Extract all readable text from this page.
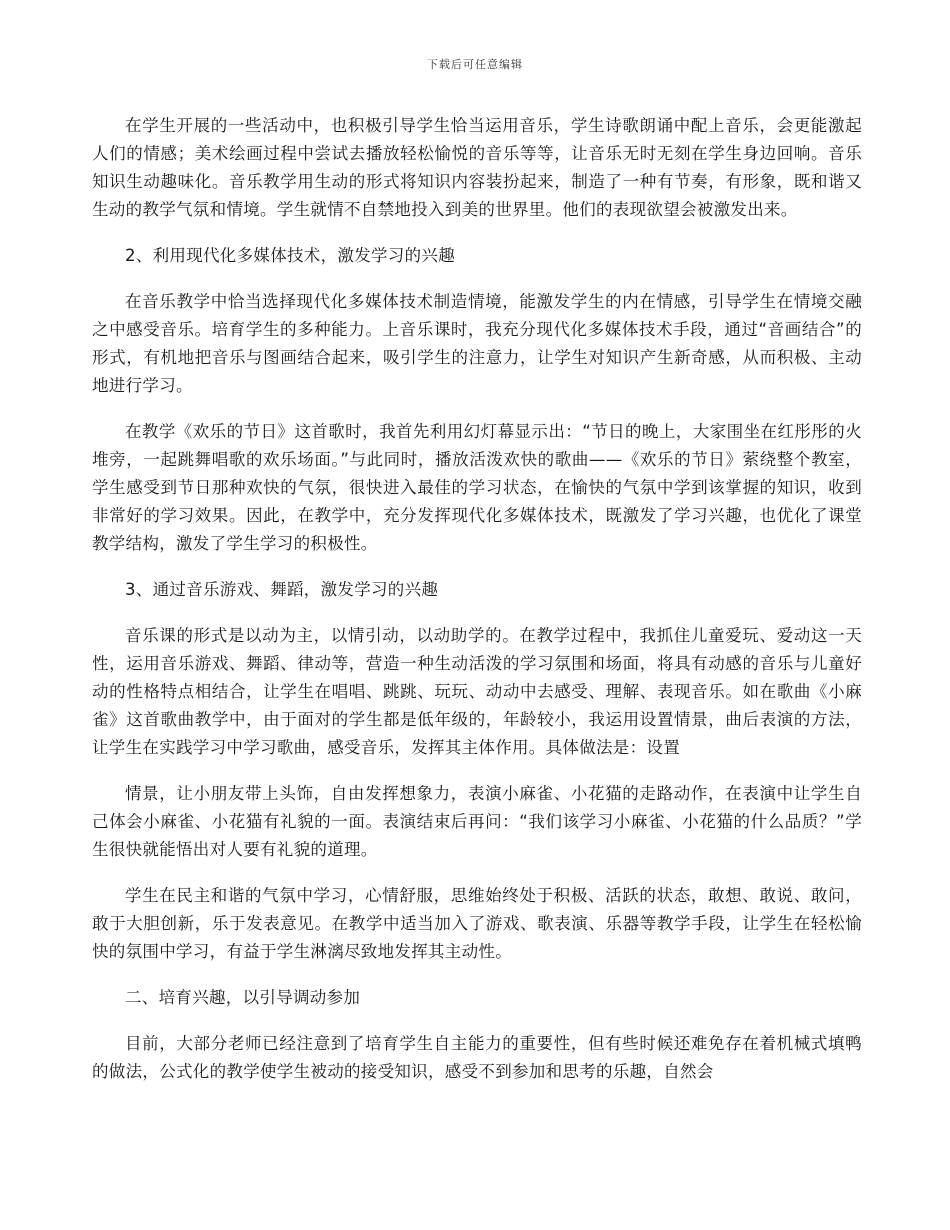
下载后可任意编辑

在学生开展的一些活动中，也积极引导学生恰当运用音乐，学生诗歌朗诵中配上音乐，会更能激起人们的情感；美术绘画过程中尝试去播放轻松愉悦的音乐等等，让音乐无时无刻在学生身边回响。音乐知识生动趣味化。音乐教学用生动的形式将知识内容装扮起来，制造了一种有节奏，有形象，既和谐又生动的教学气氛和情境。学生就情不自禁地投入到美的世界里。他们的表现欲望会被激发出来。

2、利用现代化多媒体技术，激发学习的兴趣

在音乐教学中恰当选择现代化多媒体技术制造情境，能激发学生的内在情感，引导学生在情境交融之中感受音乐。培育学生的多种能力。上音乐课时，我充分现代化多媒体技术手段，通过“音画结合”的形式，有机地把音乐与图画结合起来，吸引学生的注意力，让学生对知识产生新奇感，从而积极、主动地进行学习。

在教学《欢乐的节日》这首歌时，我首先利用幻灯幕显示出：“节日的晚上，大家围坐在红彤彤的火堆旁，一起跳舞唱歌的欢乐场面。”与此同时，播放活泼欢快的歌曲——《欢乐的节日》萦绕整个教室，学生感受到节日那种欢快的气氛，很快进入最佳的学习状态，在愉快的气氛中学到该掌握的知识，收到非常好的学习效果。因此，在教学中，充分发挥现代化多媒体技术，既激发了学习兴趣，也优化了课堂教学结构，激发了学生学习的积极性。

3、通过音乐游戏、舞蹈，激发学习的兴趣

音乐课的形式是以动为主，以情引动，以动助学的。在教学过程中，我抓住儿童爱玩、爱动这一天性，运用音乐游戏、舞蹈、律动等，营造一种生动活泼的学习氛围和场面，将具有动感的音乐与儿童好动的性格特点相结合，让学生在唱唱、跳跳、玩玩、动动中去感受、理解、表现音乐。如在歌曲《小麻雀》这首歌曲教学中，由于面对的学生都是低年级的，年龄较小，我运用设置情景，曲后表演的方法，让学生在实践学习中学习歌曲，感受音乐，发挥其主体作用。具体做法是：设置

情景，让小朋友带上头饰，自由发挥想象力，表演小麻雀、小花猫的走路动作，在表演中让学生自己体会小麻雀、小花猫有礼貌的一面。表演结束后再问：“我们该学习小麻雀、小花猫的什么品质？”学生很快就能悟出对人要有礼貌的道理。

学生在民主和谐的气氛中学习，心情舒服，思维始终处于积极、活跃的状态，敢想、敢说、敢问，敢于大胆创新，乐于发表意见。在教学中适当加入了游戏、歌表演、乐器等教学手段，让学生在轻松愉快的氛围中学习，有益于学生淋漓尽致地发挥其主动性。

二、培育兴趣，以引导调动参加

目前，大部分老师已经注意到了培育学生自主能力的重要性，但有些时候还难免存在着机械式填鸭的做法，公式化的教学使学生被动的接受知识，感受不到参加和思考的乐趣，自然会
